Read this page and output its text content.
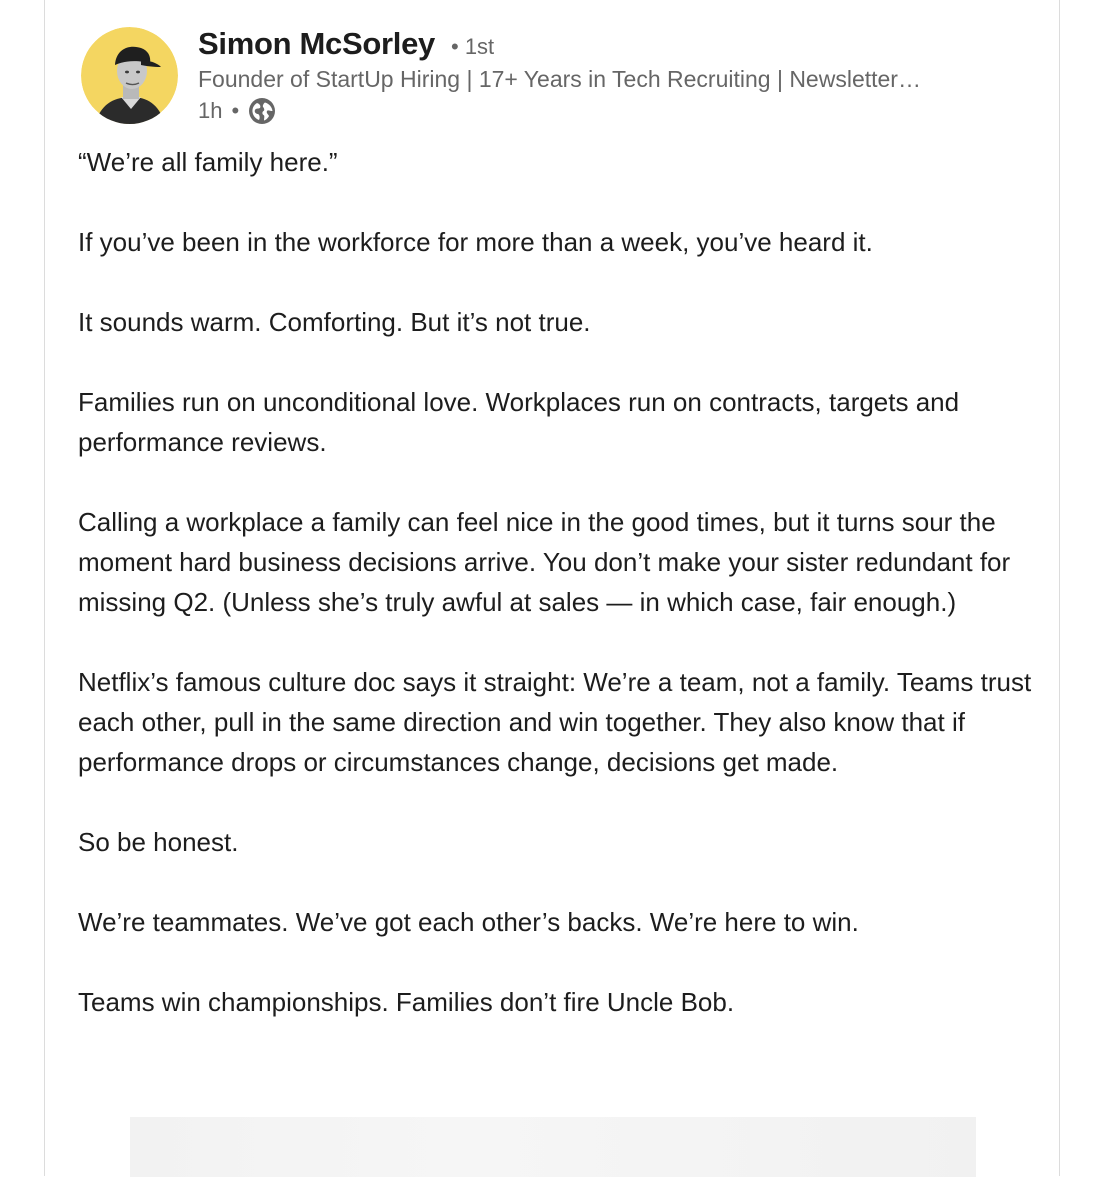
Simon McSorley • 1st
Founder of StartUp Hiring | 17+ Years in Tech Recruiting | Newsletter…
1h •

“We’re all family here.”

If you’ve been in the workforce for more than a week, you’ve heard it.

It sounds warm. Comforting. But it’s not true.

Families run on unconditional love. Workplaces run on contracts, targets and performance reviews.

Calling a workplace a family can feel nice in the good times, but it turns sour the moment hard business decisions arrive. You don’t make your sister redundant for missing Q2. (Unless she’s truly awful at sales — in which case, fair enough.)

Netflix’s famous culture doc says it straight: We’re a team, not a family. Teams trust each other, pull in the same direction and win together. They also know that if performance drops or circumstances change, decisions get made.

So be honest.

We’re teammates. We’ve got each other’s backs. We’re here to win.

Teams win championships. Families don’t fire Uncle Bob.
